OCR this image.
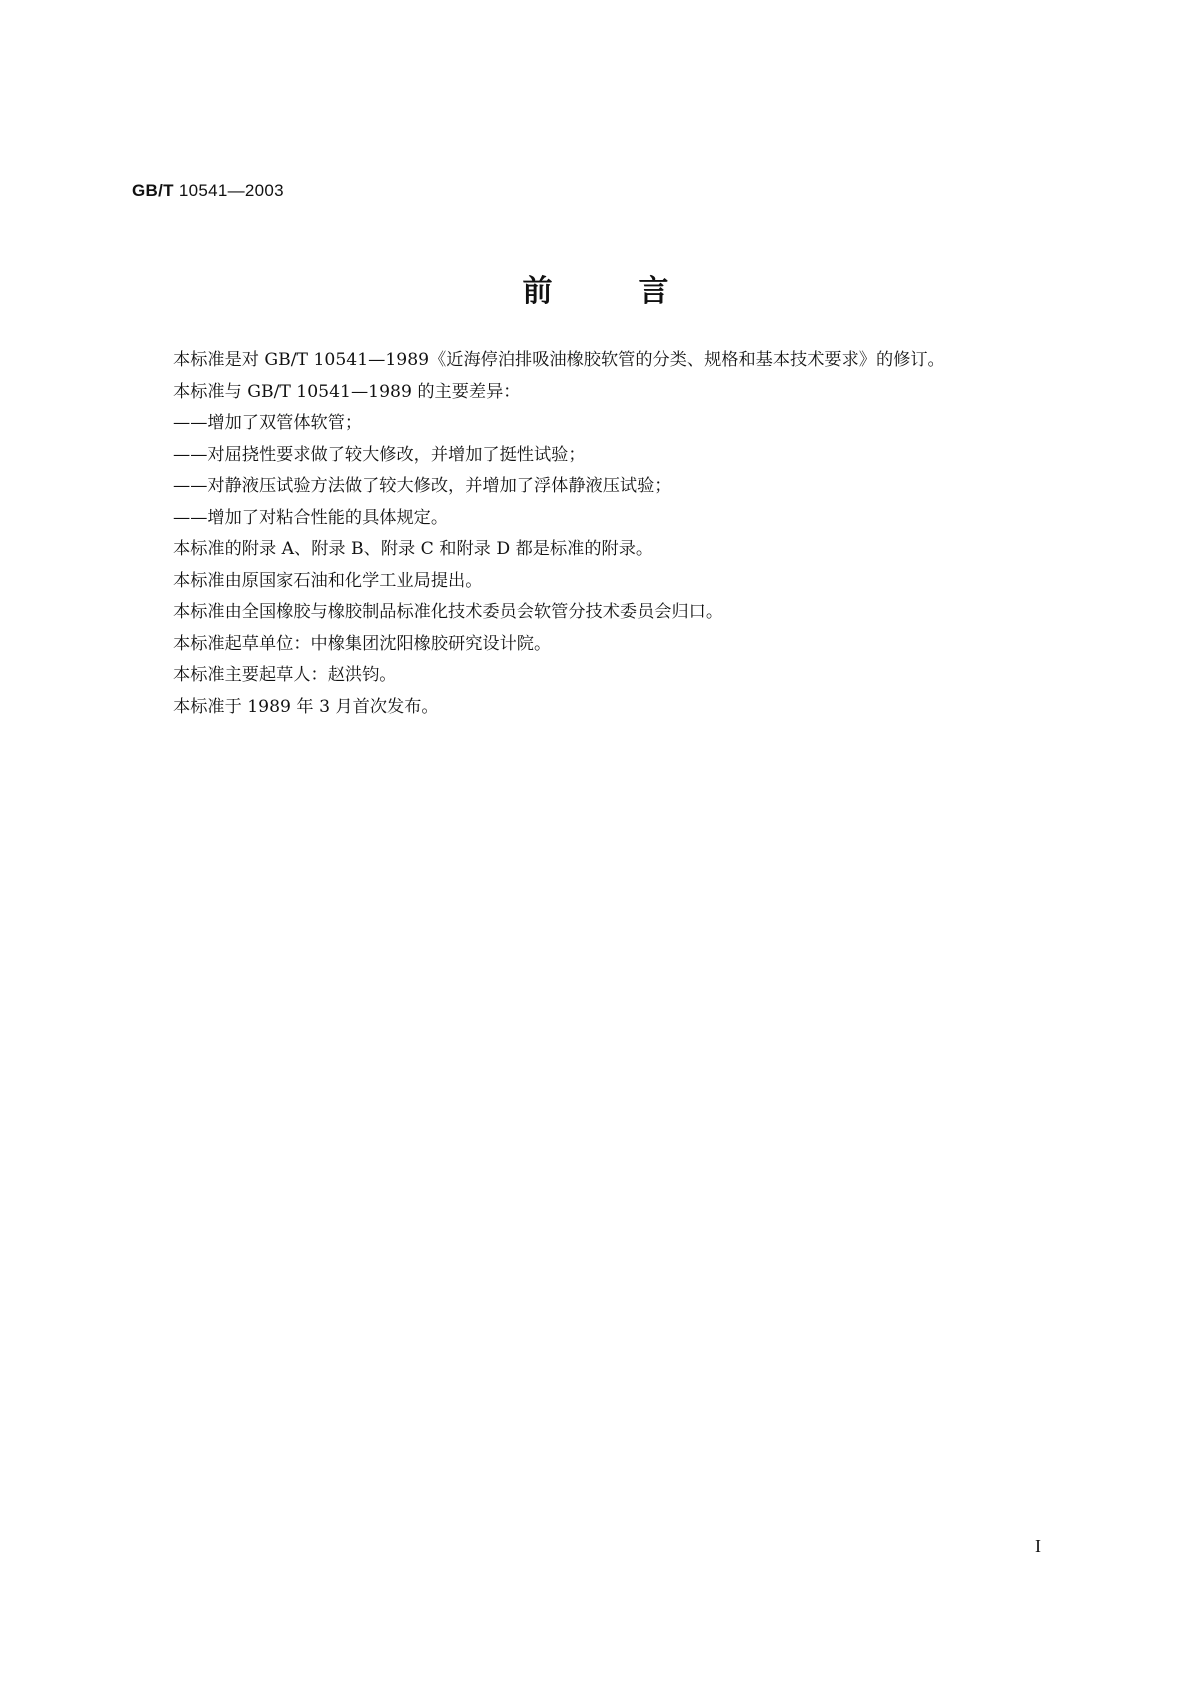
GB/T 10541—2003
前言
本标准是对 GB/T 10541—1989《近海停泊排吸油橡胶软管的分类、规格和基本技术要求》的修订。
本标准与 GB/T 10541—1989 的主要差异：
——增加了双管体软管；
——对屈挠性要求做了较大修改，并增加了挺性试验；
——对静液压试验方法做了较大修改，并增加了浮体静液压试验；
——增加了对粘合性能的具体规定。
本标准的附录 A、附录 B、附录 C 和附录 D 都是标准的附录。
本标准由原国家石油和化学工业局提出。
本标准由全国橡胶与橡胶制品标准化技术委员会软管分技术委员会归口。
本标准起草单位：中橡集团沈阳橡胶研究设计院。
本标准主要起草人：赵洪钧。
本标准于 1989 年 3 月首次发布。
I
